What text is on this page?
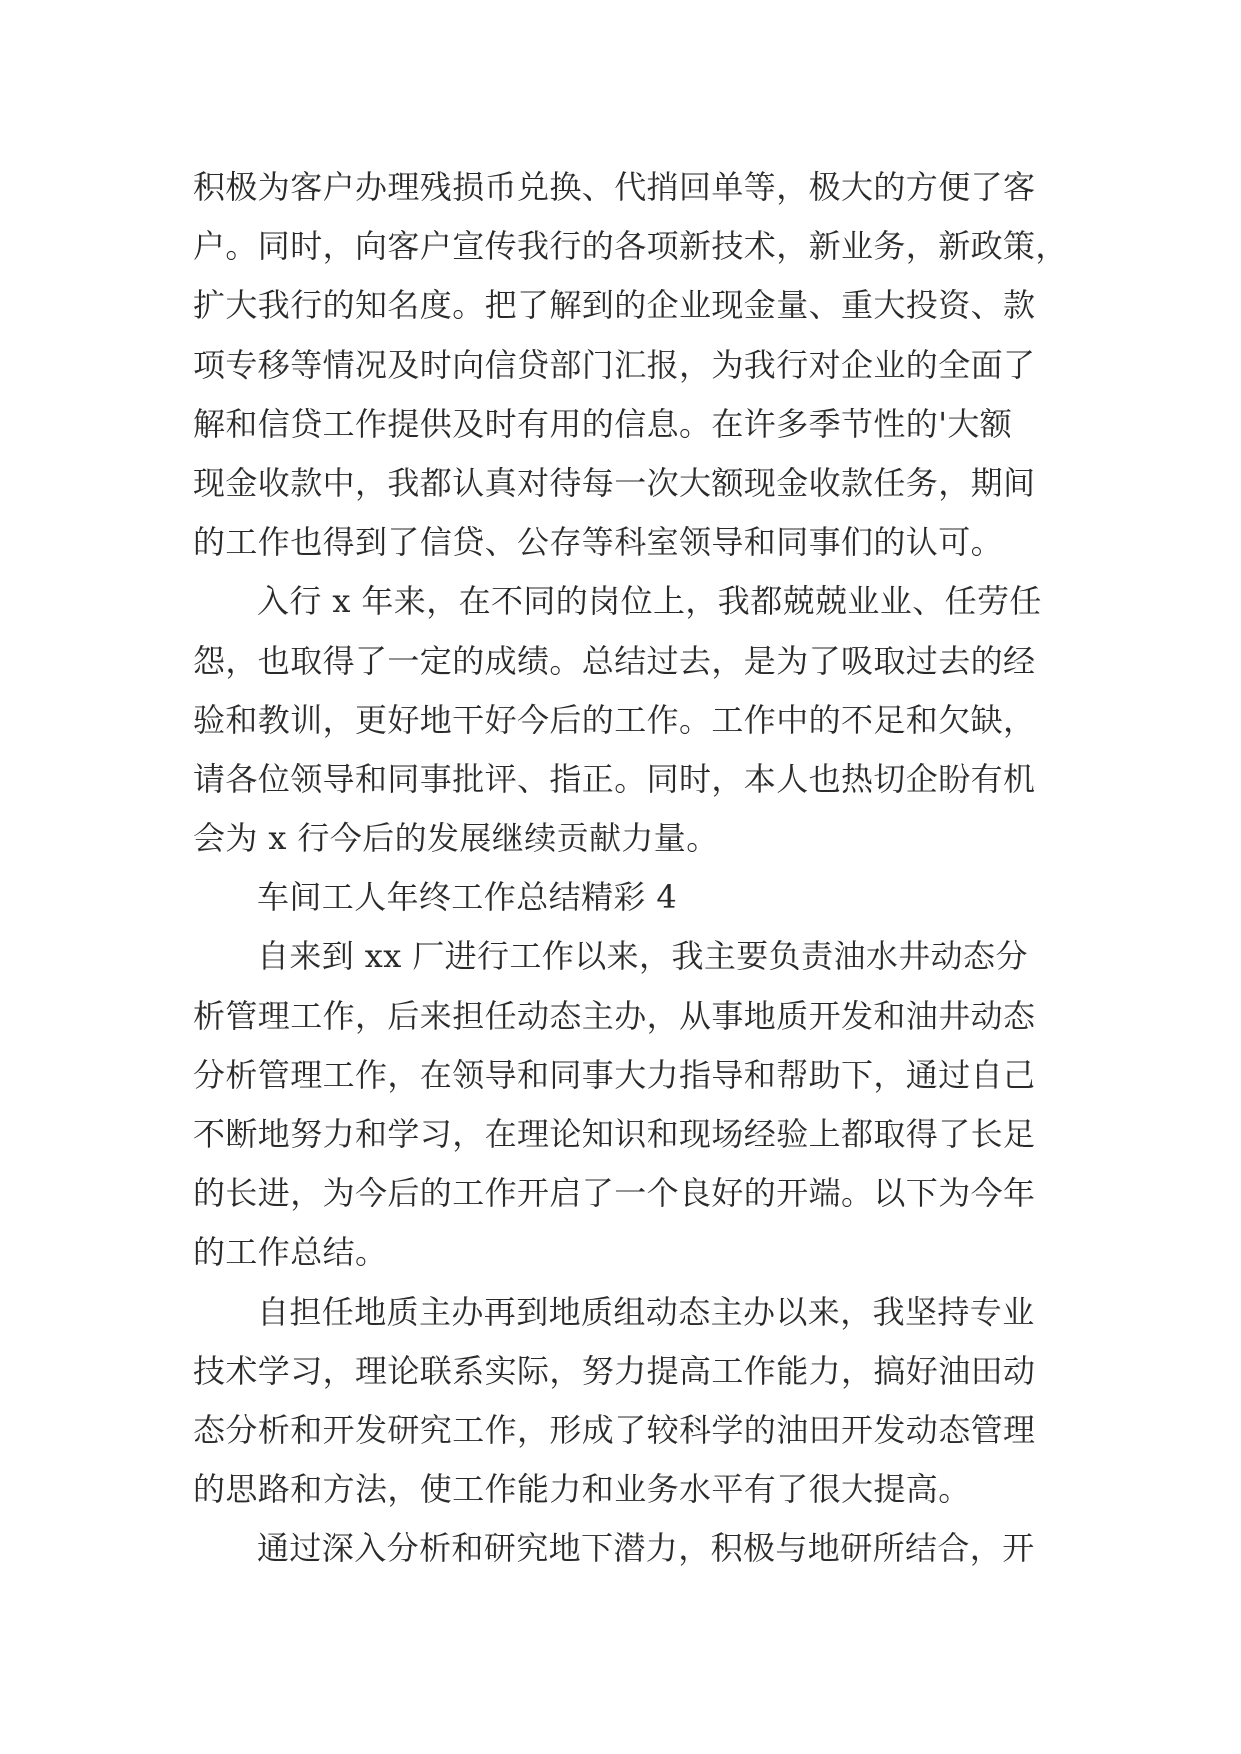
积极为客户办理残损币兑换、代捎回单等，极大的方便了客
户。同时，向客户宣传我行的各项新技术，新业务，新政策，
扩大我行的知名度。把了解到的企业现金量、重大投资、款
项专移等情况及时向信贷部门汇报，为我行对企业的全面了
解和信贷工作提供及时有用的信息。在许多季节性的'大额
现金收款中，我都认真对待每一次大额现金收款任务，期间
的工作也得到了信贷、公存等科室领导和同事们的认可。
入行 x 年来，在不同的岗位上，我都兢兢业业、任劳任
怨，也取得了一定的成绩。总结过去，是为了吸取过去的经
验和教训，更好地干好今后的工作。工作中的不足和欠缺，
请各位领导和同事批评、指正。同时，本人也热切企盼有机
会为 x 行今后的发展继续贡献力量。
车间工人年终工作总结精彩 4
自来到 xx 厂进行工作以来，我主要负责油水井动态分
析管理工作，后来担任动态主办，从事地质开发和油井动态
分析管理工作，在领导和同事大力指导和帮助下，通过自己
不断地努力和学习，在理论知识和现场经验上都取得了长足
的长进，为今后的工作开启了一个良好的开端。以下为今年
的工作总结。
自担任地质主办再到地质组动态主办以来，我坚持专业
技术学习，理论联系实际，努力提高工作能力，搞好油田动
态分析和开发研究工作，形成了较科学的油田开发动态管理
的思路和方法，使工作能力和业务水平有了很大提高。
通过深入分析和研究地下潜力，积极与地研所结合，开
